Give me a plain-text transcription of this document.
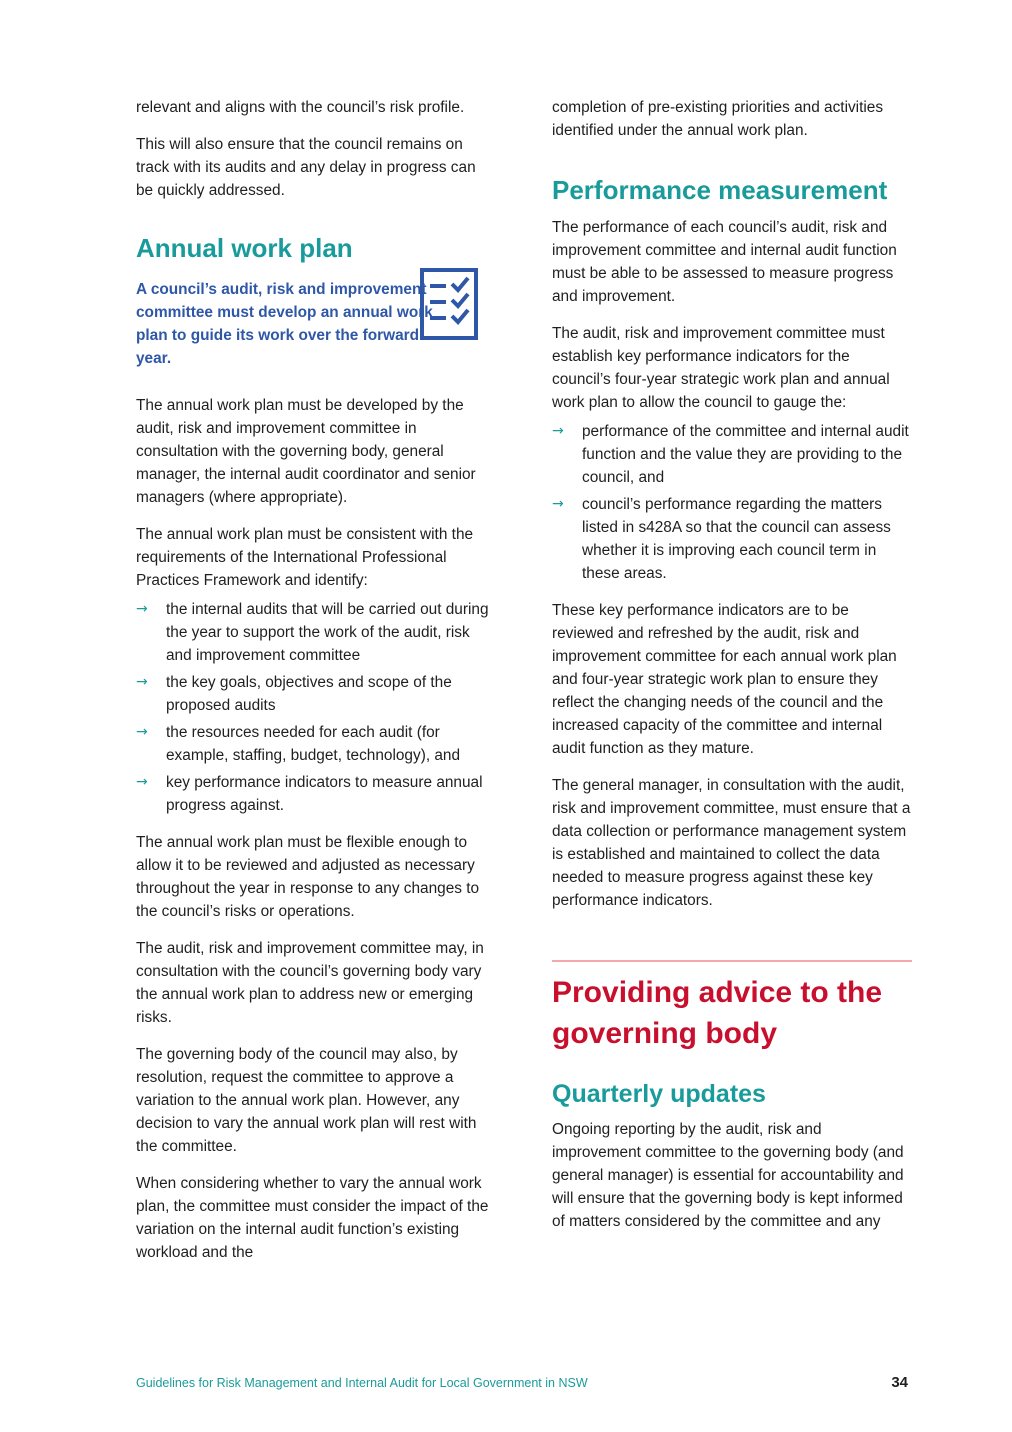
relevant and aligns with the council’s risk profile.

This will also ensure that the council remains on track with its audits and any delay in progress can be quickly addressed.

Annual work plan
A council’s audit, risk and improvement committee must develop an annual work plan to guide its work over the forward year.

The annual work plan must be developed by the audit, risk and improvement committee in consultation with the governing body, general manager, the internal audit coordinator and senior managers (where appropriate).

The annual work plan must be consistent with the requirements of the International Professional Practices Framework and identify:

→ the internal audits that will be carried out during the year to support the work of the audit, risk and improvement committee
→ the key goals, objectives and scope of the proposed audits
→ the resources needed for each audit (for example, staffing, budget, technology), and
→ key performance indicators to measure annual progress against.

The annual work plan must be flexible enough to allow it to be reviewed and adjusted as necessary throughout the year in response to any changes to the council’s risks or operations.

The audit, risk and improvement committee may, in consultation with the council’s governing body vary the annual work plan to address new or emerging risks.

The governing body of the council may also, by resolution, request the committee to approve a variation to the annual work plan. However, any decision to vary the annual work plan will rest with the committee.

When considering whether to vary the annual work plan, the committee must consider the impact of the variation on the internal audit function’s existing workload and the

completion of pre-existing priorities and activities identified under the annual work plan.

Performance measurement

The performance of each council’s audit, risk and improvement committee and internal audit function must be able to be assessed to measure progress and improvement.

The audit, risk and improvement committee must establish key performance indicators for the council’s four-year strategic work plan and annual work plan to allow the council to gauge the:

→ performance of the committee and internal audit function and the value they are providing to the council, and
→ council’s performance regarding the matters listed in s428A so that the council can assess whether it is improving each council term in these areas.

These key performance indicators are to be reviewed and refreshed by the audit, risk and improvement committee for each annual work plan and four-year strategic work plan to ensure they reflect the changing needs of the council and the increased capacity of the committee and internal audit function as they mature.

The general manager, in consultation with the audit, risk and improvement committee, must ensure that a data collection or performance management system is established and maintained to collect the data needed to measure progress against these key performance indicators.

Providing advice to the governing body
Quarterly updates

Ongoing reporting by the audit, risk and improvement committee to the governing body (and general manager) is essential for accountability and will ensure that the governing body is kept informed of matters considered by the committee and any

Guidelines for Risk Management and Internal Audit for Local Government in NSW	34
